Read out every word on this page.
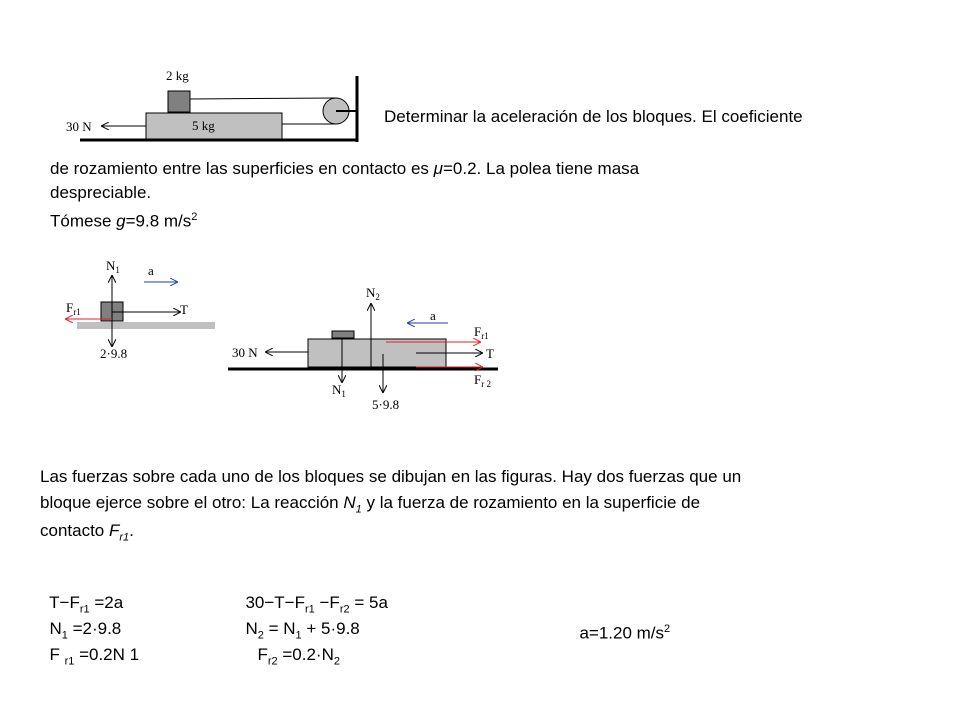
2 kg
5 kg
30 N
Determinar la aceleración de los bloques. El coeficiente
de rozamiento entre las superficies en contacto es μ=0.2. La polea tiene masa
despreciable.
Tómese g=9.8 $m/s^2$
$N_1$ a
$F_{r1}$	T
2·9.8
$N_2$
a
$F_{r1}$
30 N	T
$F_{r 2}$
$N_1$
5·9.8
Las fuerzas sobre cada uno de los bloques se dibujan en las figuras. Hay dos fuerzas que un
bloque ejerce sobre el otro: La reacción $N_1$ y la fuerza de rozamiento en la superficie de
contacto $F_{r1}$.

$T-F_{r1} =2a$	$30-T-F_{r1} -F_{r2} = 5a$

$N_1 =2\cdot 9.8$	$N_2 = N_1 + 5\cdot 9.8$	a=1.20 $m/s^2$

F $_{r1}$ =0.2N 1	$F_{r2} =0.2\cdot N_2$
